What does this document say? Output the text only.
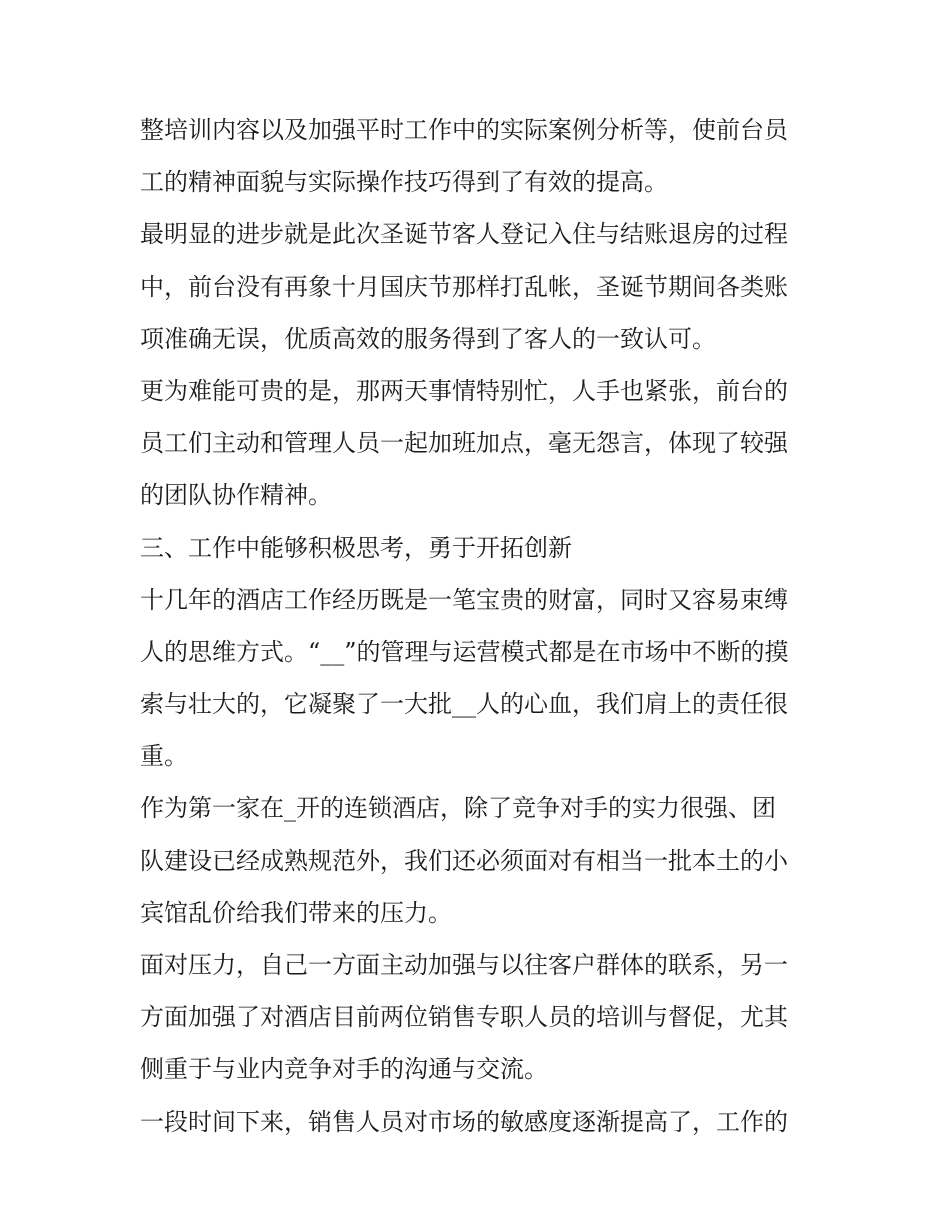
整培训内容以及加强平时工作中的实际案例分析等，使前台员
工的精神面貌与实际操作技巧得到了有效的提高。
最明显的进步就是此次圣诞节客人登记入住与结账退房的过程
中，前台没有再象十月国庆节那样打乱帐，圣诞节期间各类账
项准确无误，优质高效的服务得到了客人的一致认可。
更为难能可贵的是，那两天事情特别忙，人手也紧张，前台的
员工们主动和管理人员一起加班加点，毫无怨言，体现了较强
的团队协作精神。
三、工作中能够积极思考，勇于开拓创新
十几年的酒店工作经历既是一笔宝贵的财富，同时又容易束缚
人的思维方式。“__”的管理与运营模式都是在市场中不断的摸
索与壮大的，它凝聚了一大批__人的心血，我们肩上的责任很
重。
作为第一家在_开的连锁酒店，除了竞争对手的实力很强、团
队建设已经成熟规范外，我们还必须面对有相当一批本土的小
宾馆乱价给我们带来的压力。
面对压力，自己一方面主动加强与以往客户群体的联系，另一
方面加强了对酒店目前两位销售专职人员的培训与督促，尤其
侧重于与业内竞争对手的沟通与交流。
一段时间下来，销售人员对市场的敏感度逐渐提高了，工作的
